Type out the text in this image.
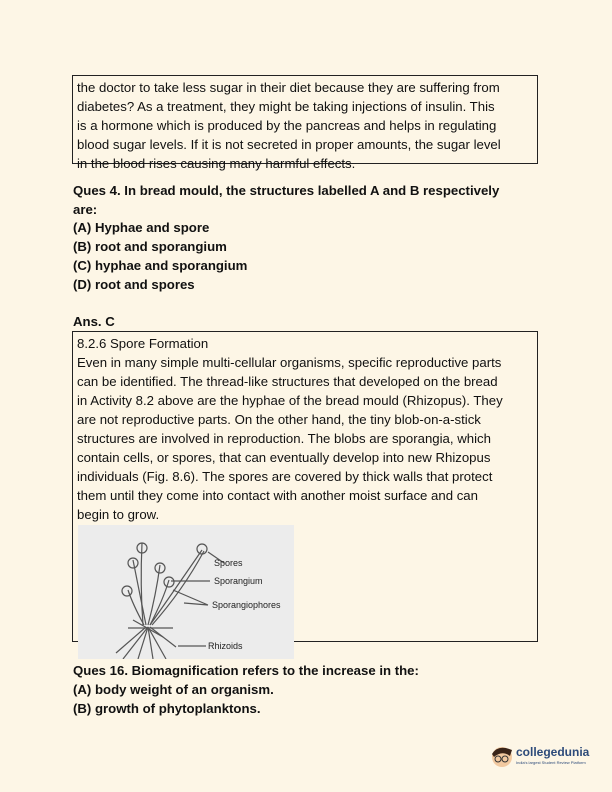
the doctor to take less sugar in their diet because they are suffering from
diabetes? As a treatment, they might be taking injections of insulin. This
is a hormone which is produced by the pancreas and helps in regulating
blood sugar levels. If it is not secreted in proper amounts, the sugar level
in the blood rises causing many harmful effects.
Ques 4. In bread mould, the structures labelled A and B respectively
are:
(A) Hyphae and spore
(B) root and sporangium
(C) hyphae and sporangium
(D) root and spores
Ans. C
8.2.6 Spore Formation
Even in many simple multi-cellular organisms, specific reproductive parts
can be identified. The thread-like structures that developed on the bread
in Activity 8.2 above are the hyphae of the bread mould (Rhizopus). They
are not reproductive parts. On the other hand, the tiny blob-on-a-stick
structures are involved in reproduction. The blobs are sporangia, which
contain cells, or spores, that can eventually develop into new Rhizopus
individuals (Fig. 8.6). The spores are covered by thick walls that protect
them until they come into contact with another moist surface and can
begin to grow.
Spores
Sporangium
Sporangiophores
Rhizoids
Ques 16. Biomagnification refers to the increase in the:
(A) body weight of an organism.
(B) growth of phytoplanktons.
collegedunia
India's largest Student Review Platform
